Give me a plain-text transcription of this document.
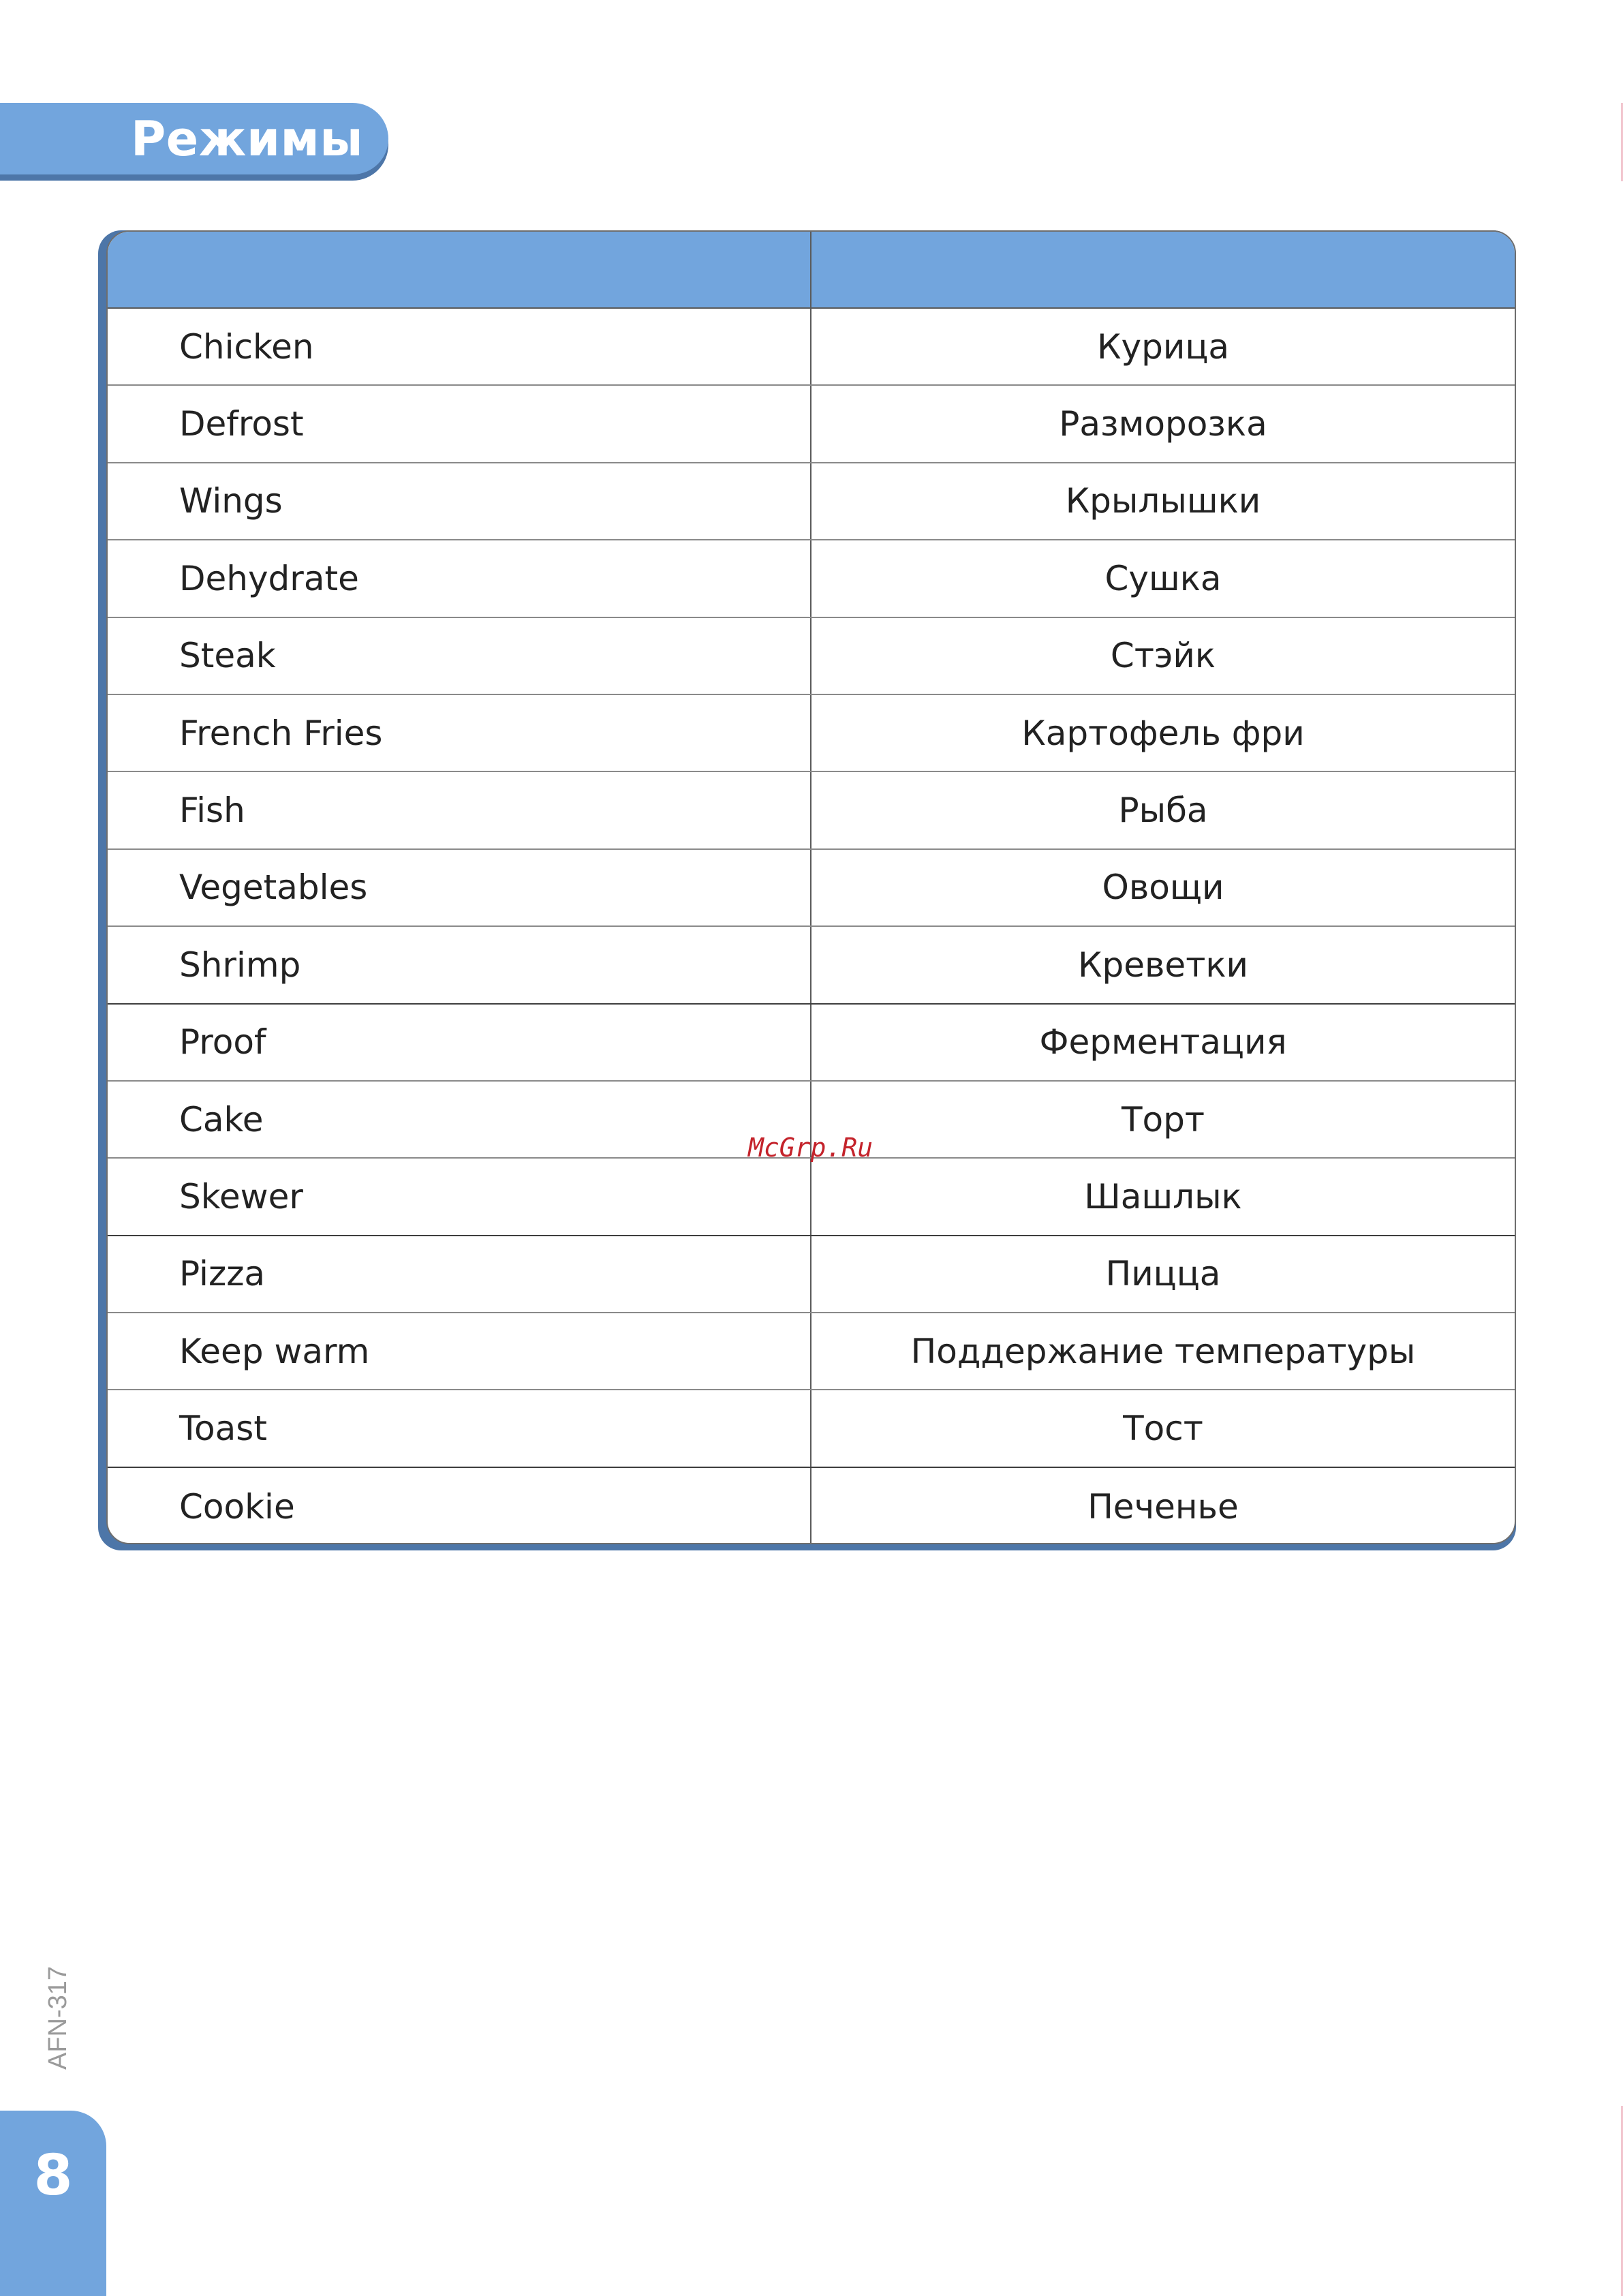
Режимы
Chicken	Курица
Defrost	Разморозка
Wings	Крылышки
Dehydrate	Сушка
Steak	Стэйк
French Fries	Картофель фри
Fish	Рыба
Vegetables	Овощи
Shrimp	Креветки
Proof	Ферментация
Cake	Торт
Skewer	Шашлык
Pizza	Пицца
Keep warm	Поддержание температуры
Toast	Тост
Cookie	Печенье
McGrp.Ru
AFN-317
8
